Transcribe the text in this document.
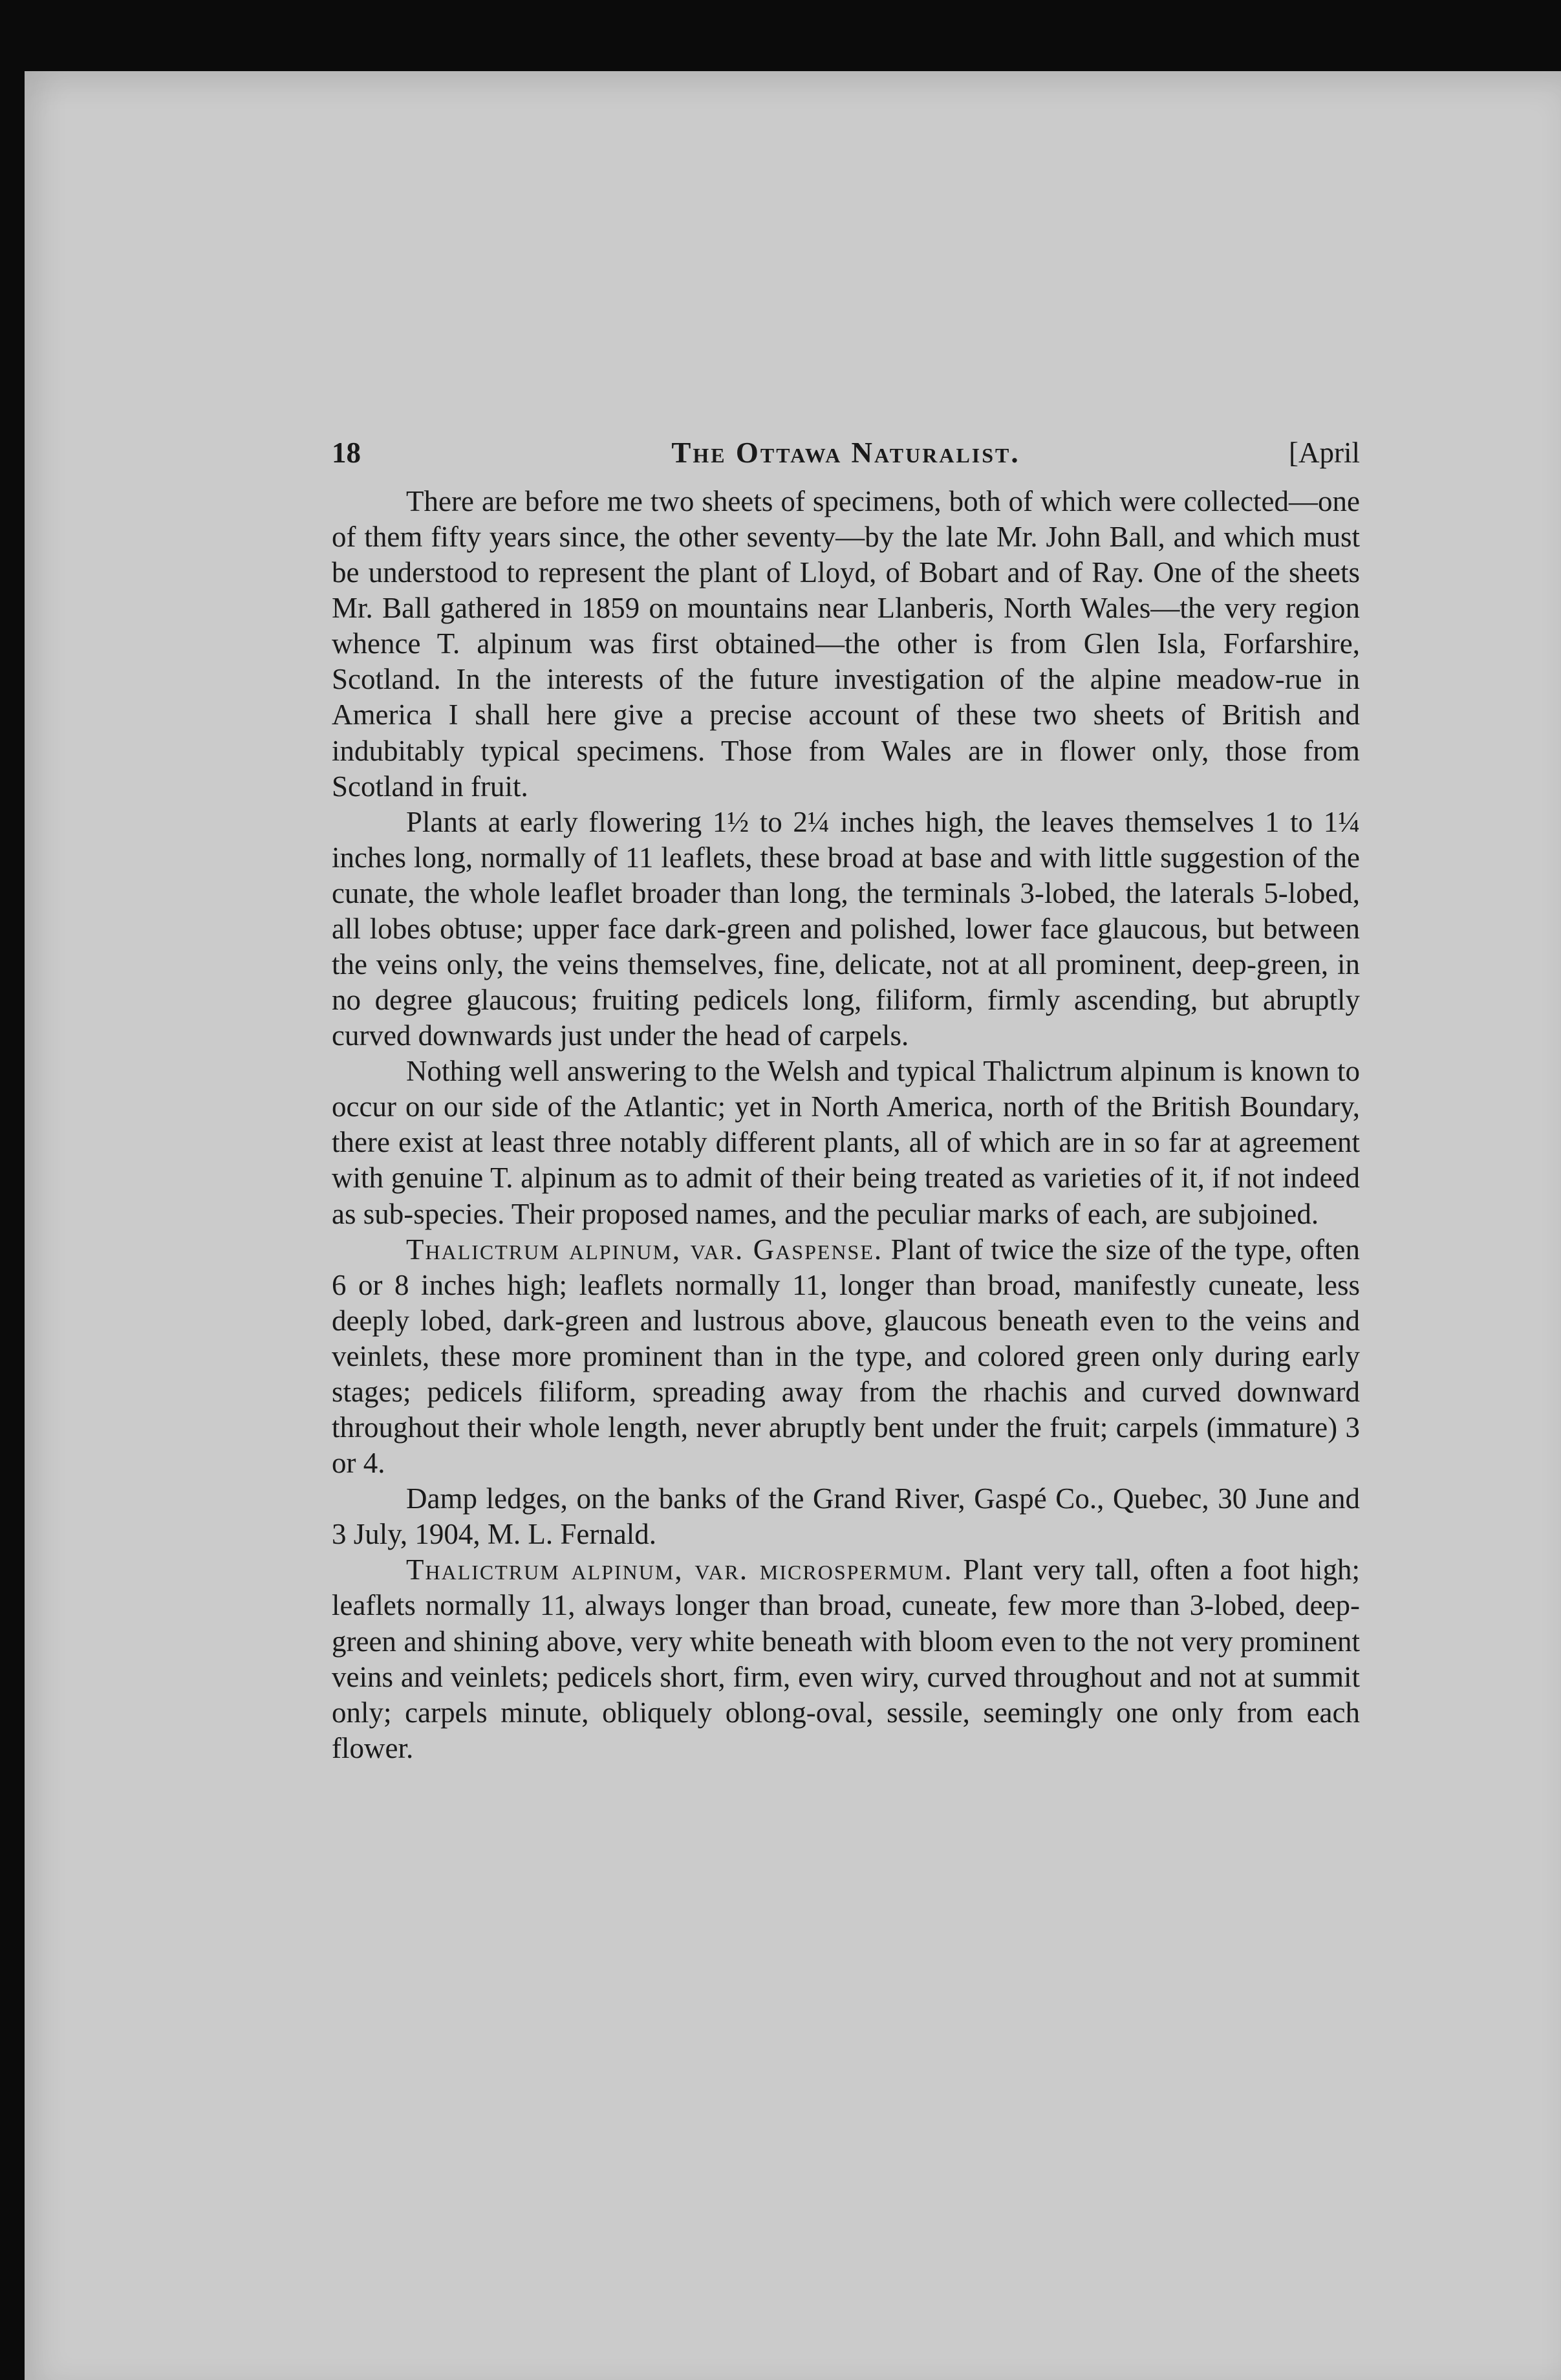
18	The Ottawa Naturalist.	[April

There are before me two sheets of specimens, both of which were collected—one of them fifty years since, the other seventy—by the late Mr. John Ball, and which must be understood to represent the plant of Lloyd, of Bobart and of Ray. One of the sheets Mr. Ball gathered in 1859 on mountains near Llanberis, North Wales—the very region whence T. alpinum was first obtained—the other is from Glen Isla, Forfarshire, Scotland. In the interests of the future investigation of the alpine meadow-rue in America I shall here give a precise account of these two sheets of British and indubitably typical specimens. Those from Wales are in flower only, those from Scotland in fruit.

Plants at early flowering 1½ to 2¼ inches high, the leaves themselves 1 to 1¼ inches long, normally of 11 leaflets, these broad at base and with little suggestion of the cunate, the whole leaflet broader than long, the terminals 3-lobed, the laterals 5-lobed, all lobes obtuse; upper face dark-green and polished, lower face glaucous, but between the veins only, the veins themselves, fine, delicate, not at all prominent, deep-green, in no degree glaucous; fruiting pedicels long, filiform, firmly ascending, but abruptly curved downwards just under the head of carpels.

Nothing well answering to the Welsh and typical Thalictrum alpinum is known to occur on our side of the Atlantic; yet in North America, north of the British Boundary, there exist at least three notably different plants, all of which are in so far at agreement with genuine T. alpinum as to admit of their being treated as varieties of it, if not indeed as sub-species. Their proposed names, and the peculiar marks of each, are subjoined.

Thalictrum alpinum, var. Gaspense. Plant of twice the size of the type, often 6 or 8 inches high; leaflets normally 11, longer than broad, manifestly cuneate, less deeply lobed, dark-green and lustrous above, glaucous beneath even to the veins and veinlets, these more prominent than in the type, and colored green only during early stages; pedicels filiform, spreading away from the rhachis and curved downward throughout their whole length, never abruptly bent under the fruit; carpels (immature) 3 or 4.

Damp ledges, on the banks of the Grand River, Gaspé Co., Quebec, 30 June and 3 July, 1904, M. L. Fernald.

Thalictrum alpinum, var. microspermum. Plant very tall, often a foot high; leaflets normally 11, always longer than broad, cuneate, few more than 3-lobed, deep-green and shining above, very white beneath with bloom even to the not very prominent veins and veinlets; pedicels short, firm, even wiry, curved throughout and not at summit only; carpels minute, obliquely oblong-oval, sessile, seemingly one only from each flower.
